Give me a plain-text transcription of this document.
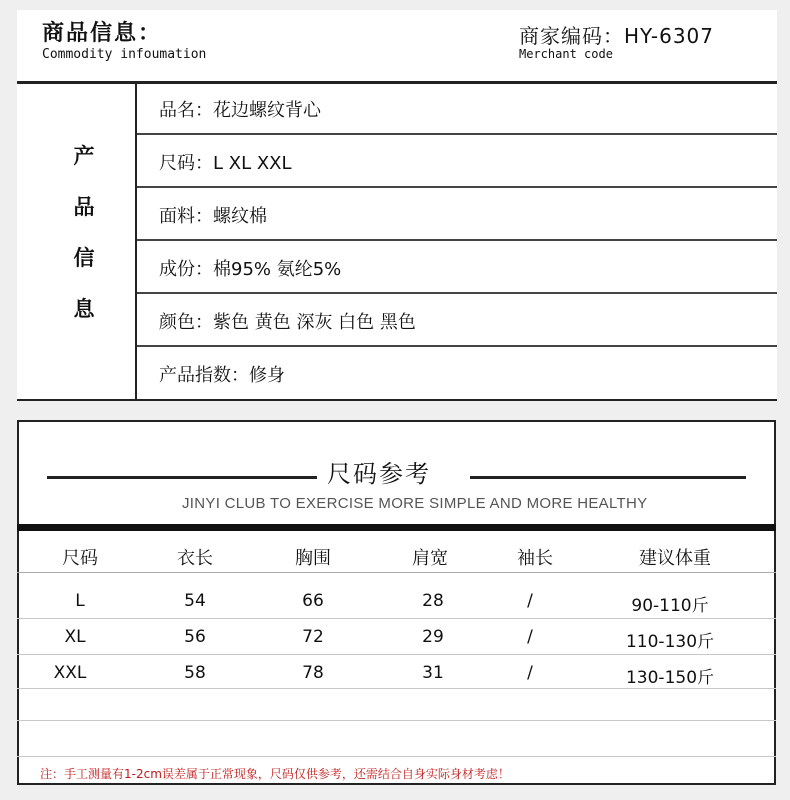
商品信息：
Commodity infoumation
商家编码：HY-6307
Merchant code
产
品
信
息
品名：花边螺纹背心
尺码：L XL XXL
面料：螺纹棉
成份：棉95% 氨纶5%
颜色：紫色 黄色 深灰 白色 黑色
产品指数：修身
尺码参考
JINYI CLUB TO EXERCISE MORE SIMPLE AND MORE HEALTHY
尺码	衣长	胸围	肩宽	袖长	建议体重
L	54	66	28	/	90-110斤
XL	56	72	29	/	110-130斤
XXL	58	78	31	/	130-150斤
注：手工测量有1-2cm误差属于正常现象，尺码仅供参考，还需结合自身实际身材考虑！
